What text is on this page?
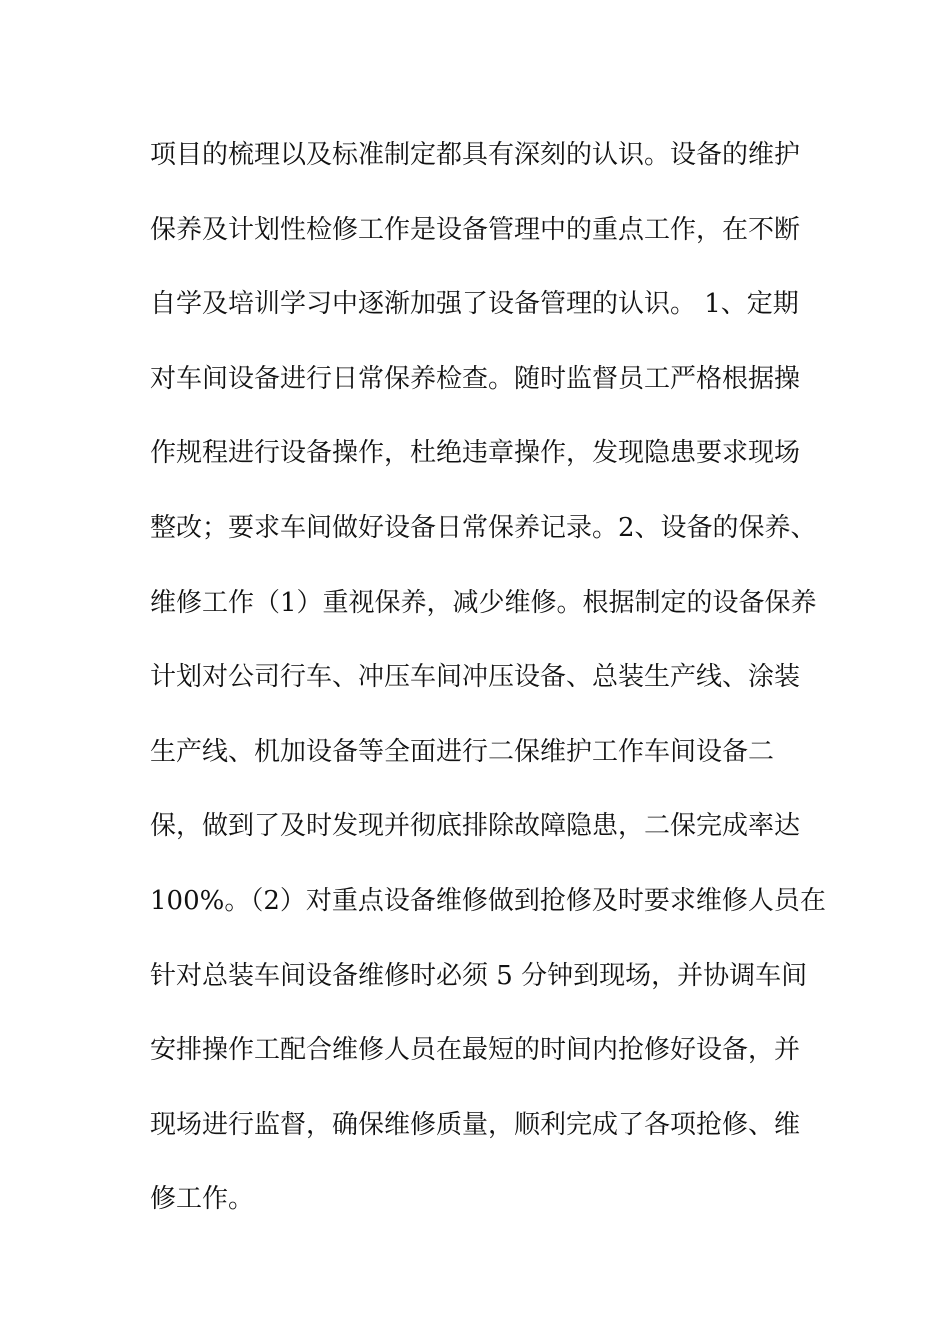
项目的梳理以及标准制定都具有深刻的认识。设备的维护
保养及计划性检修工作是设备管理中的重点工作，在不断
自学及培训学习中逐渐加强了设备管理的认识。 1、定期
对车间设备进行日常保养检查。随时监督员工严格根据操
作规程进行设备操作，杜绝违章操作，发现隐患要求现场
整改；要求车间做好设备日常保养记录。2、设备的保养、
维修工作（1）重视保养，减少维修。根据制定的设备保养
计划对公司行车、冲压车间冲压设备、总装生产线、涂装
生产线、机加设备等全面进行二保维护工作车间设备二
保，做到了及时发现并彻底排除故障隐患，二保完成率达
100%。（2）对重点设备维修做到抢修及时要求维修人员在
针对总装车间设备维修时必须 5 分钟到现场，并协调车间
安排操作工配合维修人员在最短的时间内抢修好设备，并
现场进行监督，确保维修质量，顺利完成了各项抢修、维
修工作。
